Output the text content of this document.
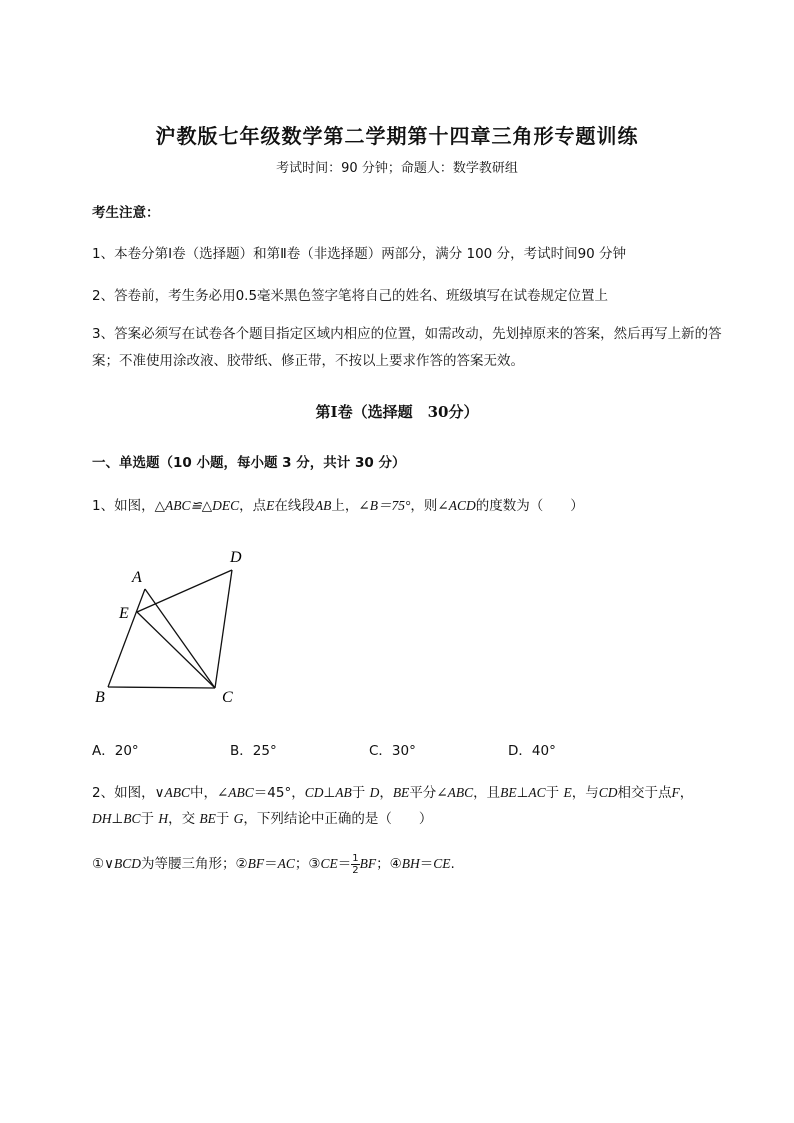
沪教版七年级数学第二学期第十四章三角形专题训练
考试时间：90 分钟；命题人：数学教研组
考生注意：
1、本卷分第Ⅰ卷（选择题）和第Ⅱ卷（非选择题）两部分，满分 100 分，考试时间90 分钟
2、答卷前，考生务必用0.5毫米黑色签字笔将自己的姓名、班级填写在试卷规定位置上
3、答案必须写在试卷各个题目指定区域内相应的位置，如需改动，先划掉原来的答案，然后再写上新的答案；不准使用涂改液、胶带纸、修正带，不按以上要求作答的答案无效。
第Ⅰ卷（选择题　30分）
一、单选题（10 小题，每小题 3 分，共计 30 分）
1、如图，△ABC≌△DEC，点E在线段AB上，∠B＝75°，则∠ACD的度数为（　　）
A
D
E
B	C
A．20°	B．25°	C．30°	D．40°
2、如图，∨ABC中，∠ABC＝45°，CD⊥AB于 D，BE平分∠ABC，且BE⊥AC于 E，与CD相交于点F，
DH⊥BC于 H，交 BE于 G，下列结论中正确的是（　　）
①∨BCD为等腰三角形；②BF＝AC；③CE＝ $\frac{1}{2}$ BF；④BH＝CE.
